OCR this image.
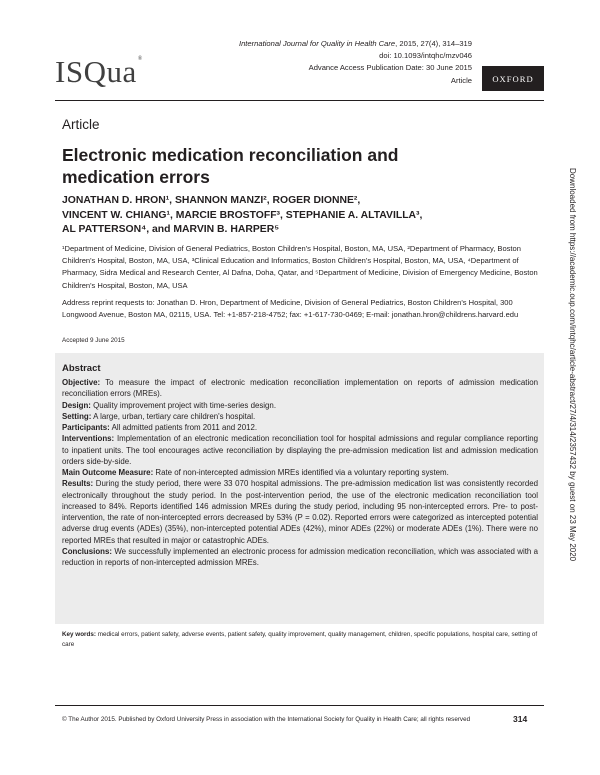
ISQua®
International Journal for Quality in Health Care, 2015, 27(4), 314–319
doi: 10.1093/intqhc/mzv046
Advance Access Publication Date: 30 June 2015
Article	OXFORD
Downloaded from https://academic.oup.com/intqhc/article-abstract/27/4/314/2357432 by guest on 23 May 2020
Article
Electronic medication reconciliation and medication errors
JONATHAN D. HRON¹, SHANNON MANZI², ROGER DIONNE²,
VINCENT W. CHIANG¹, MARCIE BROSTOFF³, STEPHANIE A. ALTAVILLA³,
AL PATTERSON⁴, and MARVIN B. HARPER⁵
¹Department of Medicine, Division of General Pediatrics, Boston Children's Hospital, Boston, MA, USA, ²Department of Pharmacy, Boston Children's Hospital, Boston, MA, USA, ³Clinical Education and Informatics, Boston Children's Hospital, Boston, MA, USA, ⁴Department of Pharmacy, Sidra Medical and Research Center, Al Dafna, Doha, Qatar, and ⁵Department of Medicine, Division of Emergency Medicine, Boston Children's Hospital, Boston, MA, USA
Address reprint requests to: Jonathan D. Hron, Department of Medicine, Division of General Pediatrics, Boston Children's Hospital, 300 Longwood Avenue, Boston MA, 02115, USA. Tel: +1-857-218-4752; fax: +1-617-730-0469; E-mail: jonathan.hron@childrens.harvard.edu
Accepted 9 June 2015
Abstract

Objective: To measure the impact of electronic medication reconciliation implementation on reports of admission medication reconciliation errors (MREs).

Design: Quality improvement project with time-series design.

Setting: A large, urban, tertiary care children's hospital.

Participants: All admitted patients from 2011 and 2012.

Interventions: Implementation of an electronic medication reconciliation tool for hospital admissions and regular compliance reporting to inpatient units. The tool encourages active reconciliation by displaying the pre-admission medication list and admission medication orders side-by-side.

Main Outcome Measure: Rate of non-intercepted admission MREs identified via a voluntary reporting system.

Results: During the study period, there were 33 070 hospital admissions. The pre-admission medication list was consistently recorded electronically throughout the study period. In the post-intervention period, the use of the electronic medication reconciliation tool increased to 84%. Reports identified 146 admission MREs during the study period, including 95 non-intercepted errors. Pre- to post-intervention, the rate of non-intercepted errors decreased by 53% (P = 0.02). Reported errors were categorized as intercepted potential adverse drug events (ADEs) (35%), non-intercepted potential ADEs (42%), minor ADEs (22%) or moderate ADEs (1%). There were no reported MREs that resulted in major or catastrophic ADEs.

Conclusions: We successfully implemented an electronic process for admission medication reconciliation, which was associated with a reduction in reports of non-intercepted admission MREs.

Key words: medical errors, patient safety, adverse events, patient safety, quality improvement, quality management, children, specific populations, hospital care, setting of care
© The Author 2015. Published by Oxford University Press in association with the International Society for Quality in Health Care; all rights reserved	314
